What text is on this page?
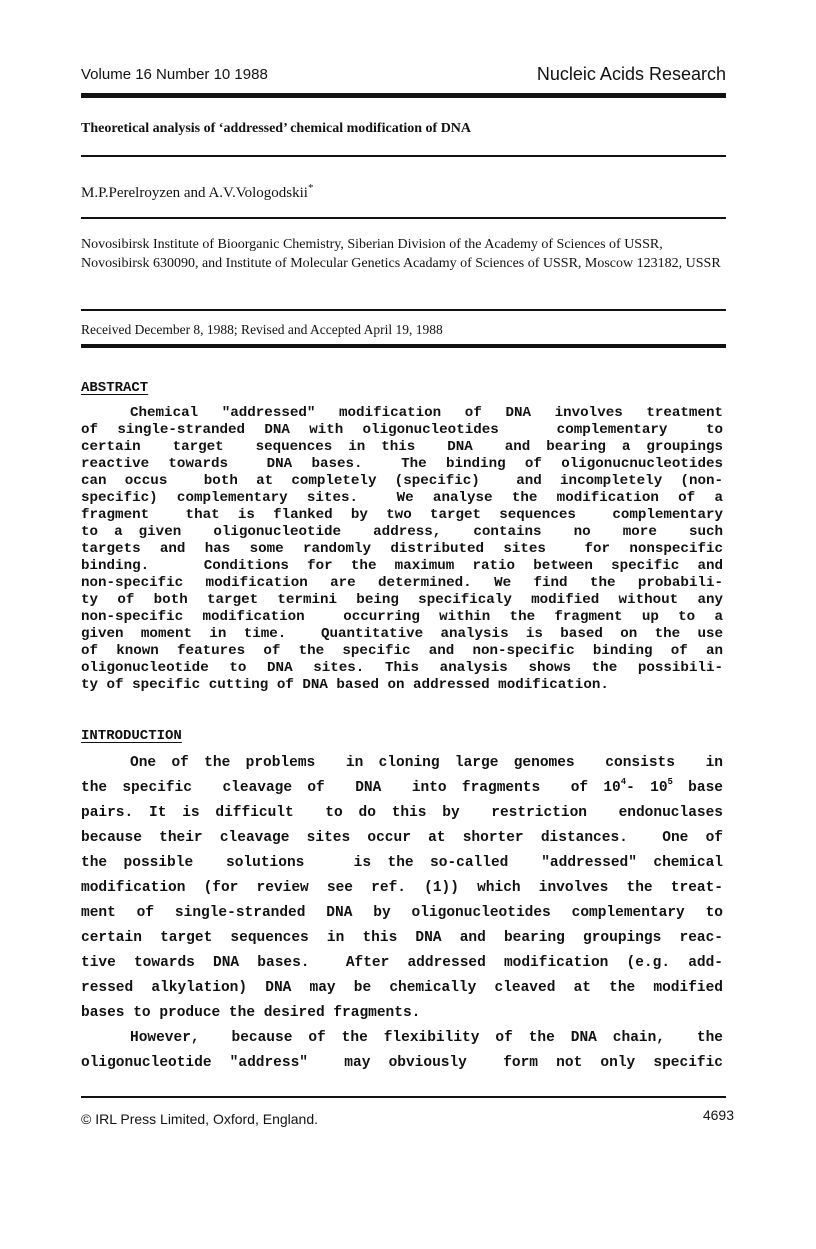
Volume 16 Number 10 1988	Nucleic Acids Research
Theoretical analysis of ‘addressed’ chemical modification of DNA
M.P.Perelroyzen and A.V.Vologodskii*
Novosibirsk Institute of Bioorganic Chemistry, Siberian Division of the Academy of Sciences of USSR, Novosibirsk 630090, and Institute of Molecular Genetics Acadamy of Sciences of USSR, Moscow 123182, USSR
Received December 8, 1988; Revised and Accepted April 19, 1988
ABSTRACT
Chemical "addressed" modification of DNA involves treatment
of single-stranded DNA with oligonucleotides   complementary  to
certain  target  sequences in this  DNA  and bearing a groupings
reactive towards  DNA bases.  The binding of oligonucnucleotides
can occus  both at completely (specific)  and incompletely (non-
specific) complementary sites.  We analyse the modification of a
fragment  that is flanked by two target sequences  complementary
to a given  oligonucleotide  address,  contains  no  more  such
targets and has some randomly distributed sites  for nonspecific
binding.   Conditions for the maximum ratio between specific and
non-specific modification are determined. We find the probabili-
ty of both target termini being specificaly modified without any
non-specific modification  occurring within the fragment up to a
given moment in time.  Quantitative analysis is based on the use
of known features of the specific and non-specific binding of an
oligonucleotide to DNA sites. This analysis shows the possibili-
ty of specific cutting of DNA based on addressed modification.
INTRODUCTION
One of the problems  in cloning large genomes  consists  in
the specific  cleavage of  DNA  into fragments  of $10^4-$ $10^5$ base
pairs. It is difficult  to do this by  restriction  endonuclases
because their cleavage sites occur at shorter distances.  One of
the possible  solutions   is the so-called  "addressed" chemical
modification (for review see ref. (1)) which involves the treat-
ment of single-stranded DNA by oligonucleotides complementary to
certain target sequences in this DNA and bearing groupings reac-
tive towards DNA bases.  After addressed modification (e.g. add-
ressed alkylation) DNA may be chemically cleaved at the modified
bases to produce the desired fragments.
However,  because of the flexibility of the DNA chain,  the
oligonucleotide "address"  may obviously  form not only specific
© IRL Press Limited, Oxford, England.	4693
